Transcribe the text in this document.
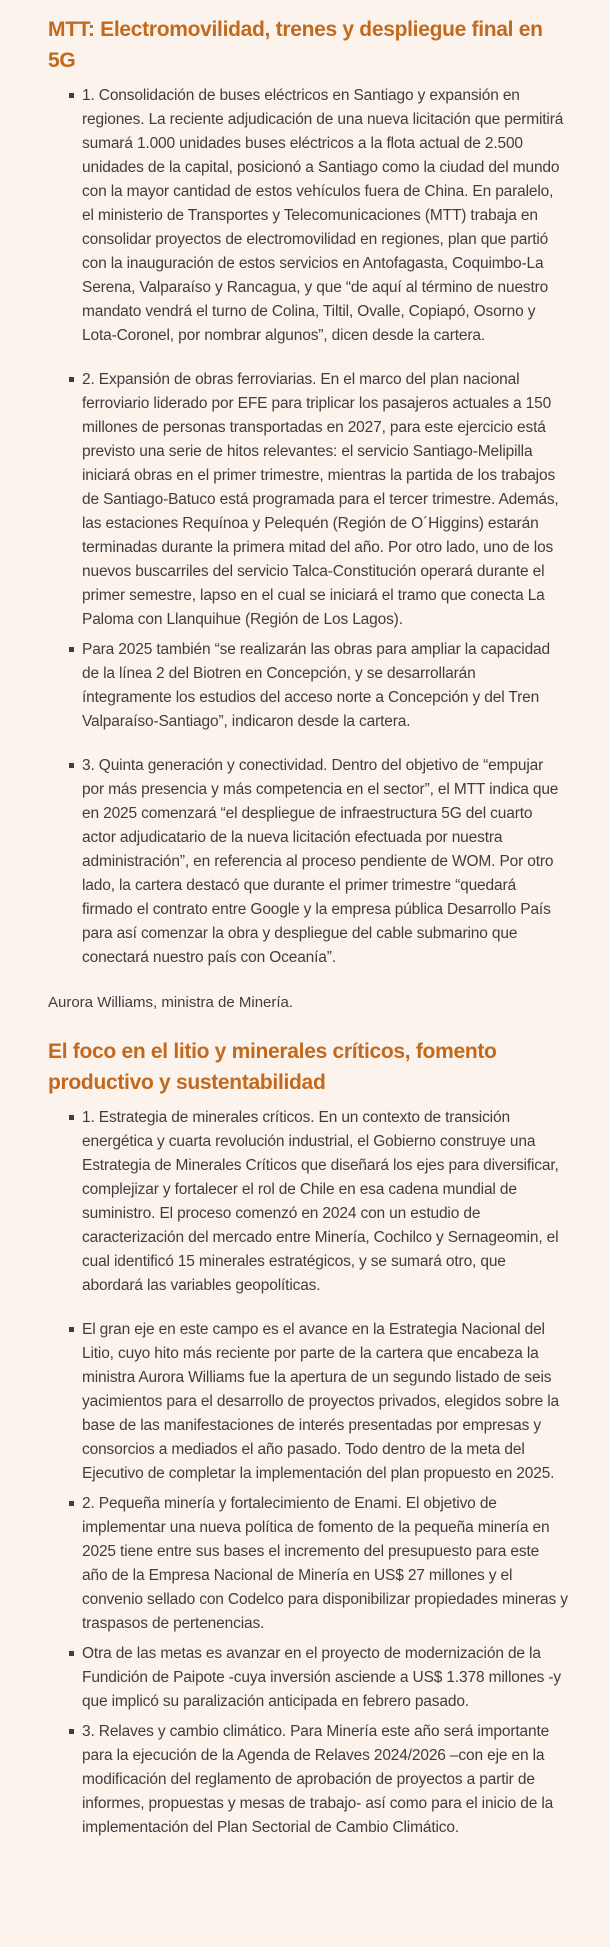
MTT: Electromovilidad, trenes y despliegue final en 5G
1. Consolidación de buses eléctricos en Santiago y expansión en regiones. La reciente adjudicación de una nueva licitación que permitirá sumará 1.000 unidades buses eléctricos a la flota actual de 2.500 unidades de la capital, posicionó a Santiago como la ciudad del mundo con la mayor cantidad de estos vehículos fuera de China. En paralelo, el ministerio de Transportes y Telecomunicaciones (MTT) trabaja en consolidar proyectos de electromovilidad en regiones, plan que partió con la inauguración de estos servicios en Antofagasta, Coquimbo-La Serena, Valparaíso y Rancagua, y que “de aquí al término de nuestro mandato vendrá el turno de Colina, Tiltil, Ovalle, Copiapó, Osorno y Lota-Coronel, por nombrar algunos”, dicen desde la cartera.
2. Expansión de obras ferroviarias. En el marco del plan nacional ferroviario liderado por EFE para triplicar los pasajeros actuales a 150 millones de personas transportadas en 2027, para este ejercicio está previsto una serie de hitos relevantes: el servicio Santiago-Melipilla iniciará obras en el primer trimestre, mientras la partida de los trabajos de Santiago-Batuco está programada para el tercer trimestre. Además, las estaciones Requínoa y Pelequén (Región de O´Higgins) estarán terminadas durante la primera mitad del año. Por otro lado, uno de los nuevos buscarriles del servicio Talca-Constitución operará durante el primer semestre, lapso en el cual se iniciará el tramo que conecta La Paloma con Llanquihue (Región de Los Lagos).
Para 2025 también “se realizarán las obras para ampliar la capacidad de la línea 2 del Biotren en Concepción, y se desarrollarán íntegramente los estudios del acceso norte a Concepción y del Tren Valparaíso-Santiago”, indicaron desde la cartera.
3. Quinta generación y conectividad. Dentro del objetivo de “empujar por más presencia y más competencia en el sector”, el MTT indica que en 2025 comenzará “el despliegue de infraestructura 5G del cuarto actor adjudicatario de la nueva licitación efectuada por nuestra administración”, en referencia al proceso pendiente de WOM. Por otro lado, la cartera destacó que durante el primer trimestre “quedará firmado el contrato entre Google y la empresa pública Desarrollo País para así comenzar la obra y despliegue del cable submarino que conectará nuestro país con Oceanía”.

Aurora Williams, ministra de Minería.

El foco en el litio y minerales críticos, fomento productivo y sustentabilidad
1. Estrategia de minerales críticos. En un contexto de transición energética y cuarta revolución industrial, el Gobierno construye una Estrategia de Minerales Críticos que diseñará los ejes para diversificar, complejizar y fortalecer el rol de Chile en esa cadena mundial de suministro. El proceso comenzó en 2024 con un estudio de caracterización del mercado entre Minería, Cochilco y Sernageomin, el cual identificó 15 minerales estratégicos, y se sumará otro, que abordará las variables geopolíticas.
El gran eje en este campo es el avance en la Estrategia Nacional del Litio, cuyo hito más reciente por parte de la cartera que encabeza la ministra Aurora Williams fue la apertura de un segundo listado de seis yacimientos para el desarrollo de proyectos privados, elegidos sobre la base de las manifestaciones de interés presentadas por empresas y consorcios a mediados el año pasado. Todo dentro de la meta del Ejecutivo de completar la implementación del plan propuesto en 2025.
2. Pequeña minería y fortalecimiento de Enami. El objetivo de implementar una nueva política de fomento de la pequeña minería en 2025 tiene entre sus bases el incremento del presupuesto para este año de la Empresa Nacional de Minería en US$ 27 millones y el convenio sellado con Codelco para disponibilizar propiedades mineras y traspasos de pertenencias.
Otra de las metas es avanzar en el proyecto de modernización de la Fundición de Paipote -cuya inversión asciende a US$ 1.378 millones -y que implicó su paralización anticipada en febrero pasado.
3. Relaves y cambio climático. Para Minería este año será importante para la ejecución de la Agenda de Relaves 2024/2026 –con eje en la modificación del reglamento de aprobación de proyectos a partir de informes, propuestas y mesas de trabajo- así como para el inicio de la implementación del Plan Sectorial de Cambio Climático.
